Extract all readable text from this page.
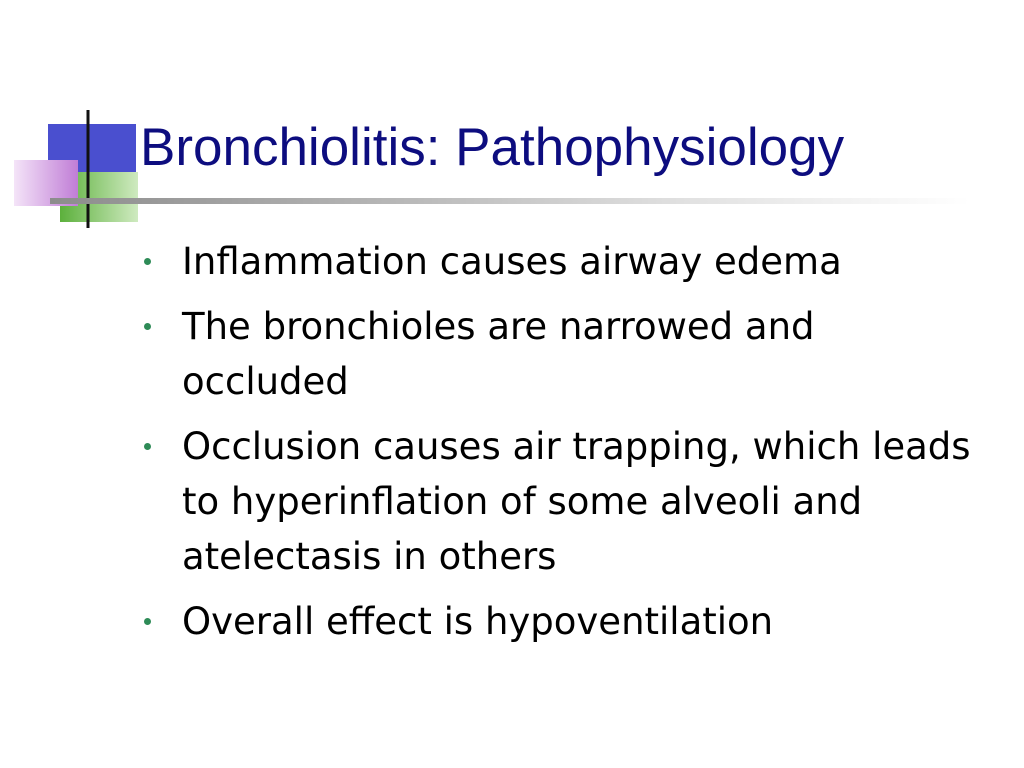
Bronchiolitis: Pathophysiology
Inflammation causes airway edema
The bronchioles are narrowed and occluded
Occlusion causes air trapping, which leads to hyperinflation of some alveoli and atelectasis in others
Overall effect is hypoventilation
